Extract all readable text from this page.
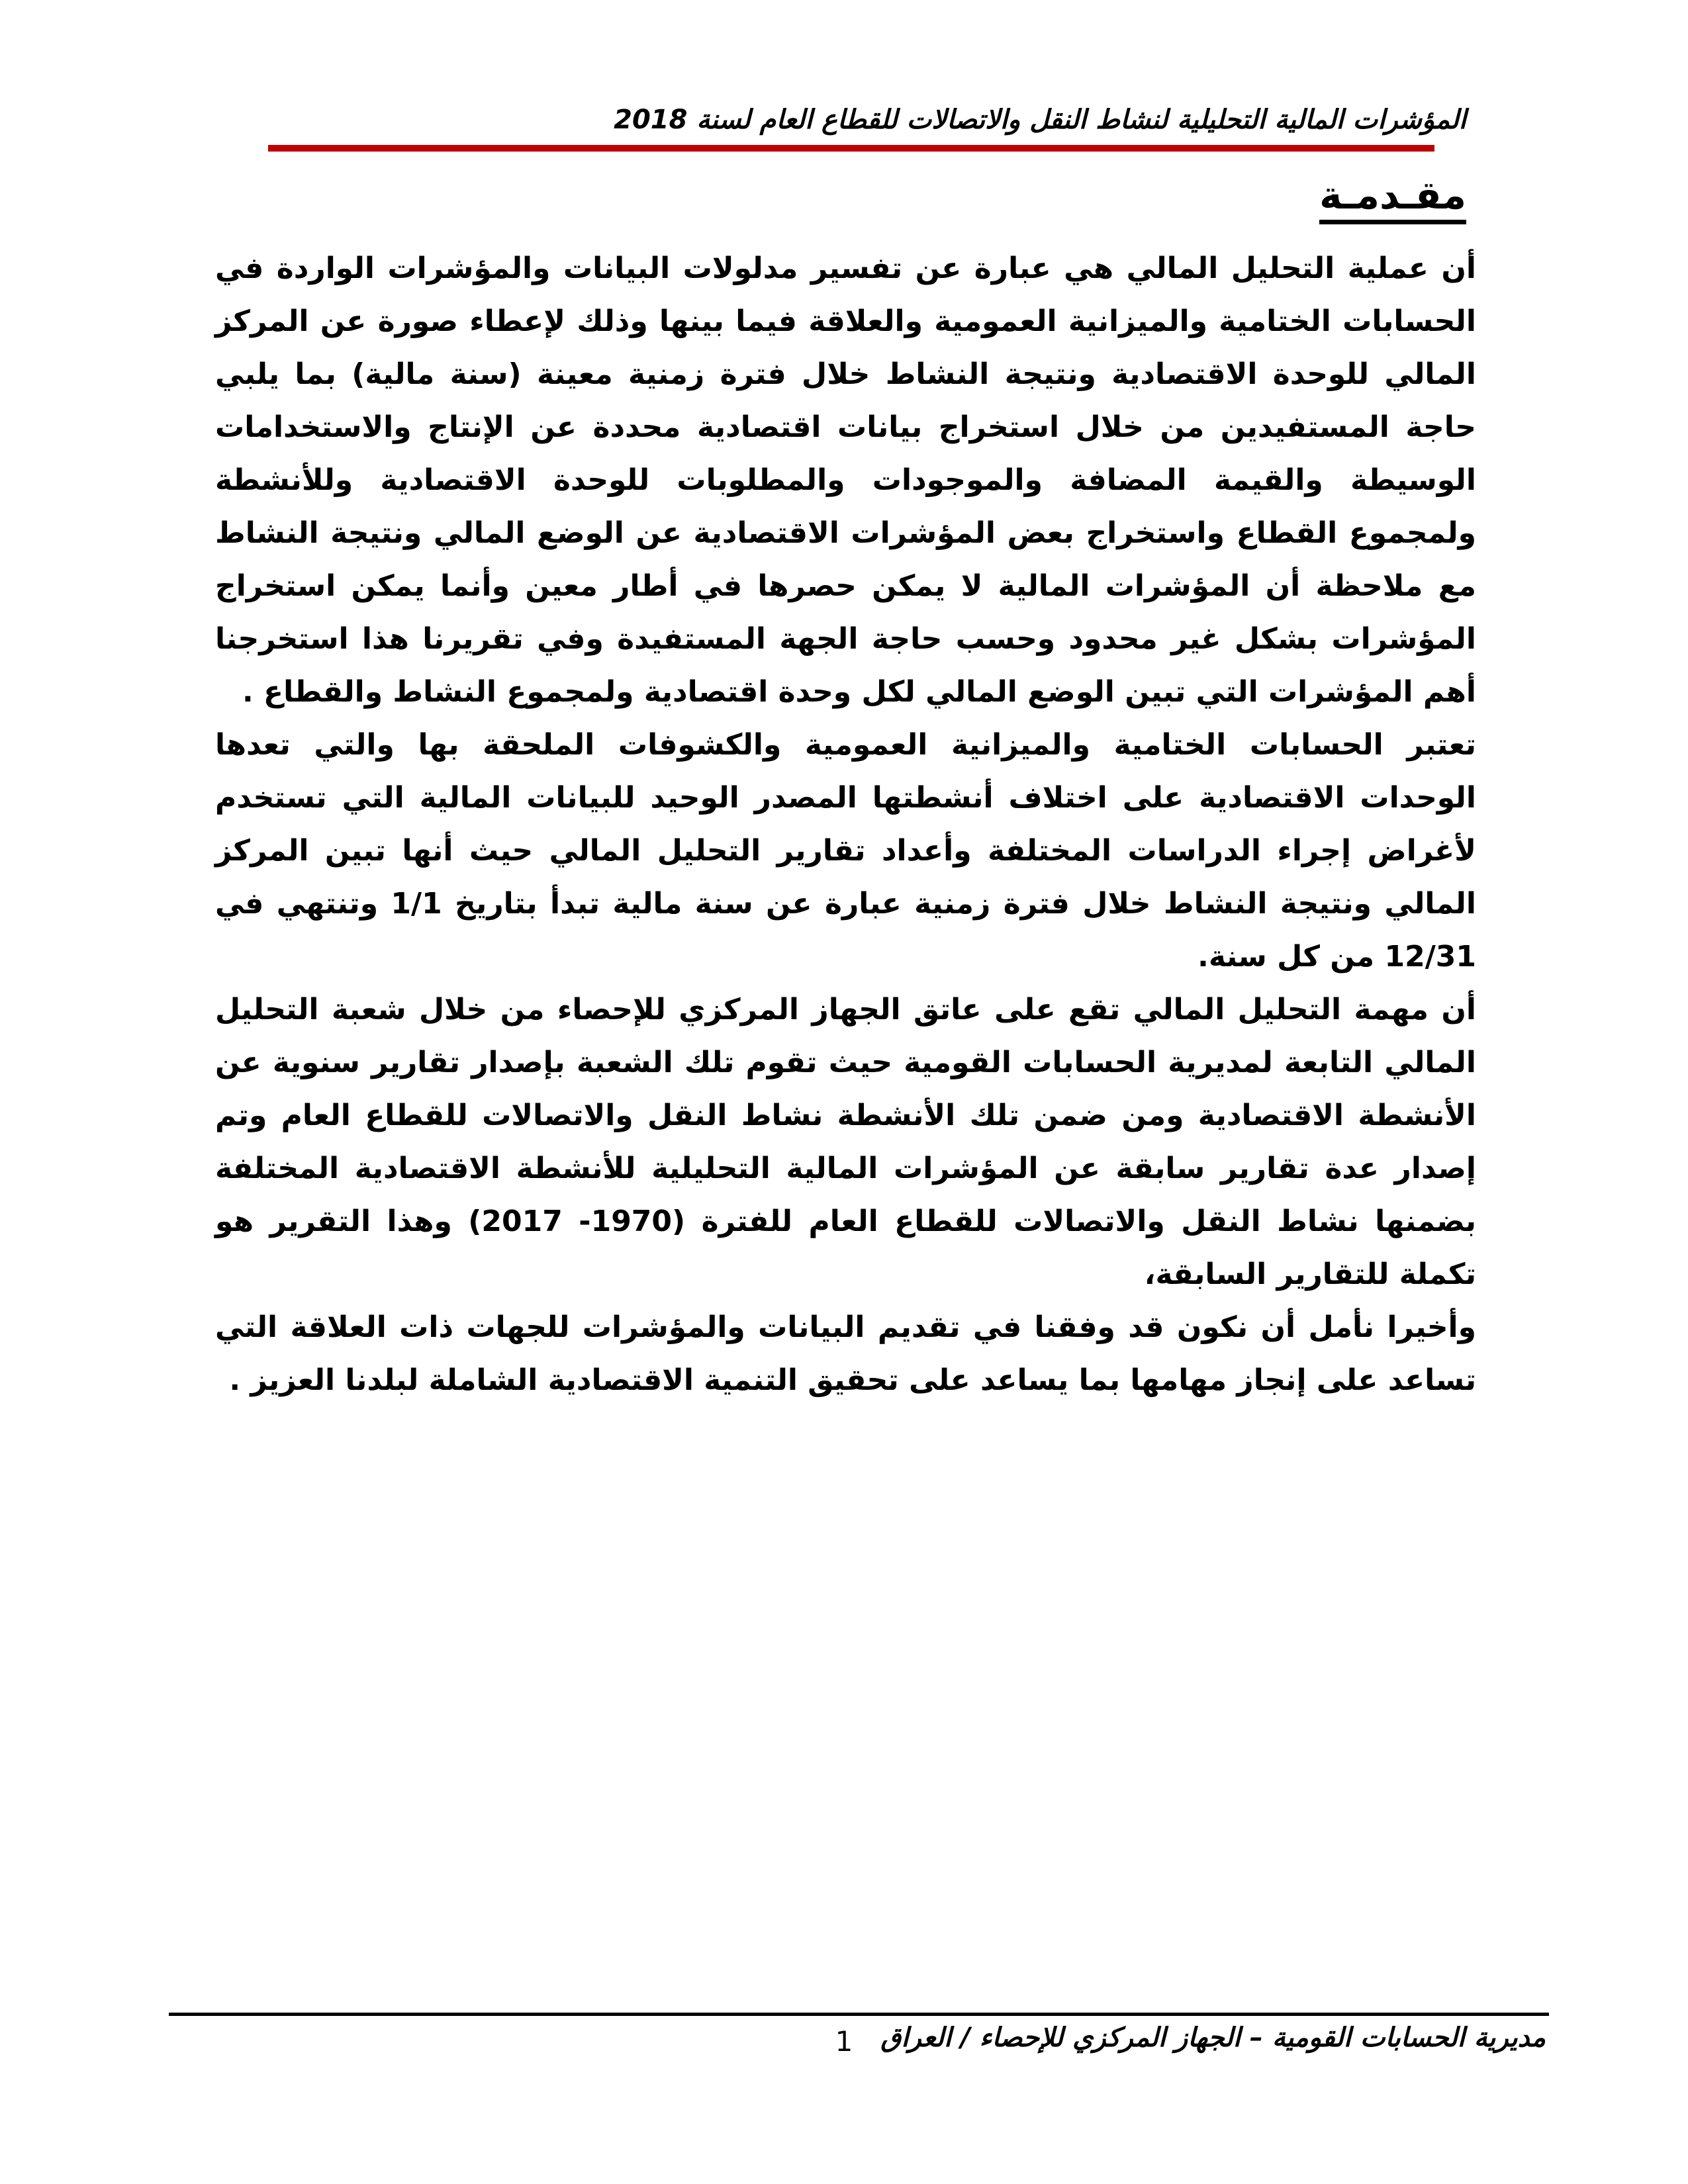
المؤشرات المالية التحليلية لنشاط النقل والاتصالات للقطاع العام لسنة 2018
مقـدمـة

أن عملية التحليل المالي هي عبارة عن تفسير مدلولات البيانات والمؤشرات الواردة في الحسابات الختامية والميزانية العمومية والعلاقة فيما بينها وذلك لإعطاء صورة عن المركز المالي للوحدة الاقتصادية ونتيجة النشاط خلال فترة زمنية معينة (سنة مالية) بما يلبي حاجة المستفيدين من خلال استخراج بيانات اقتصادية محددة عن الإنتاج والاستخدامات الوسيطة والقيمة المضافة والموجودات والمطلوبات للوحدة الاقتصادية وللأنشطة ولمجموع القطاع واستخراج بعض المؤشرات الاقتصادية عن الوضع المالي ونتيجة النشاط مع ملاحظة أن المؤشرات المالية لا يمكن حصرها في أطار معين وأنما يمكن استخراج المؤشرات بشكل غير محدود وحسب حاجة الجهة المستفيدة وفي تقريرنا هذا استخرجنا أهم المؤشرات التي تبين الوضع المالي لكل وحدة اقتصادية ولمجموع النشاط والقطاع .

تعتبر الحسابات الختامية والميزانية العمومية والكشوفات الملحقة بها والتي تعدها الوحدات الاقتصادية على اختلاف أنشطتها المصدر الوحيد للبيانات المالية التي تستخدم لأغراض إجراء الدراسات المختلفة وأعداد تقارير التحليل المالي حيث أنها تبين المركز المالي ونتيجة النشاط خلال فترة زمنية عبارة عن سنة مالية تبدأ بتاريخ 1/1 وتنتهي في 12/31 من كل سنة.

أن مهمة التحليل المالي تقع على عاتق الجهاز المركزي للإحصاء من خلال شعبة التحليل المالي التابعة لمديرية الحسابات القومية حيث تقوم تلك الشعبة بإصدار تقارير سنوية عن الأنشطة الاقتصادية ومن ضمن تلك الأنشطة نشاط النقل والاتصالات للقطاع العام وتم إصدار عدة تقارير سابقة عن المؤشرات المالية التحليلية للأنشطة الاقتصادية المختلفة بضمنها نشاط النقل والاتصالات للقطاع العام للفترة (1970- 2017) وهذا التقرير هو تكملة للتقارير السابقة،

وأخيرا نأمل أن نكون قد وفقنا في تقديم البيانات والمؤشرات للجهات ذات العلاقة التي تساعد على إنجاز مهامها بما يساعد على تحقيق التنمية الاقتصادية الشاملة لبلدنا العزيز .

مديرية الحسابات القومية – الجهاز المركزي للإحصاء / العراق
1
